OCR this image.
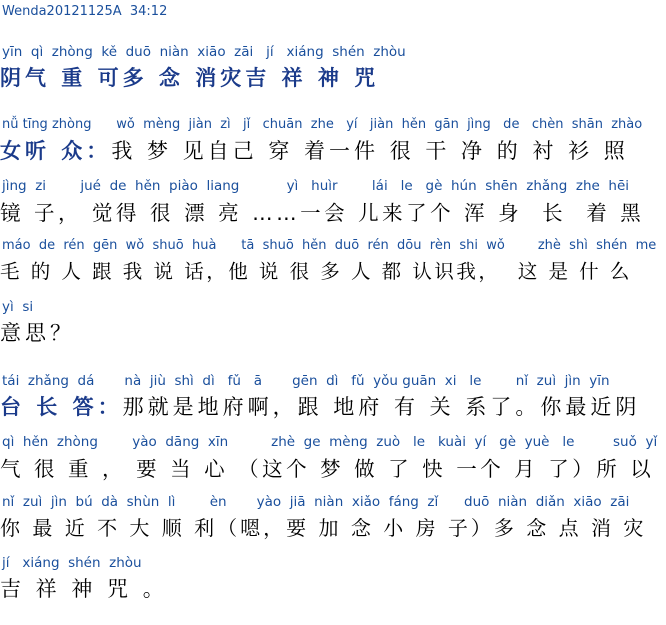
Wenda20121125A  34:12
yīn  qì  zhòng  kě  duō  niàn  xiāo  zāi   jí   xiáng  shén  zhòu
阴气 重 可多 念 消灾吉 祥 神 咒
nǚ tīng zhòng      wǒ  mèng  jiàn  zì   jǐ   chuān  zhe   yí   jiàn  hěn  gān  jìng   de   chèn  shān  zhào
女听 众：我 梦 见自己 穿 着一件 很 干 净 的 衬 衫 照
jìng  zi        jué  de  hěn  piào  liang           yì   huìr        lái   le   gè  hún  shēn  zhǎng  zhe  hēi
镜 子， 觉得 很 漂 亮 ……一会 儿来了个 浑 身  长  着 黑
máo  de  rén  gēn  wǒ  shuō  huà      tā  shuō  hěn  duō  rén  dōu  rèn  shi  wǒ        zhè  shì  shén  me
毛 的 人 跟 我 说 话，他 说 很 多 人 都 认识我，  这 是 什 么
yì  si
意思？
tái  zhǎng  dá       nà  jiù  shì  dì   fǔ   ā       gēn  dì   fǔ  yǒu guān  xi   le        nǐ  zuì  jìn  yīn
台 长 答：那就是地府啊，跟 地府 有 关 系了。你最近阴
qì  hěn  zhòng        yào  dāng  xīn          zhè  ge  mèng  zuò   le   kuài  yí   gè  yuè   le         suǒ  yǐ
气 很 重 ， 要 当 心 （这个 梦 做 了 快 一个 月 了）所 以
nǐ  zuì  jìn  bú  dà  shùn  lì        èn       yào  jiā  niàn  xiǎo  fáng  zǐ      duō  niàn  diǎn  xiāo  zāi
你 最 近 不 大 顺 利（嗯，要 加 念 小 房 子）多 念 点 消 灾
jí   xiáng  shén  zhòu
吉 祥 神 咒 。
